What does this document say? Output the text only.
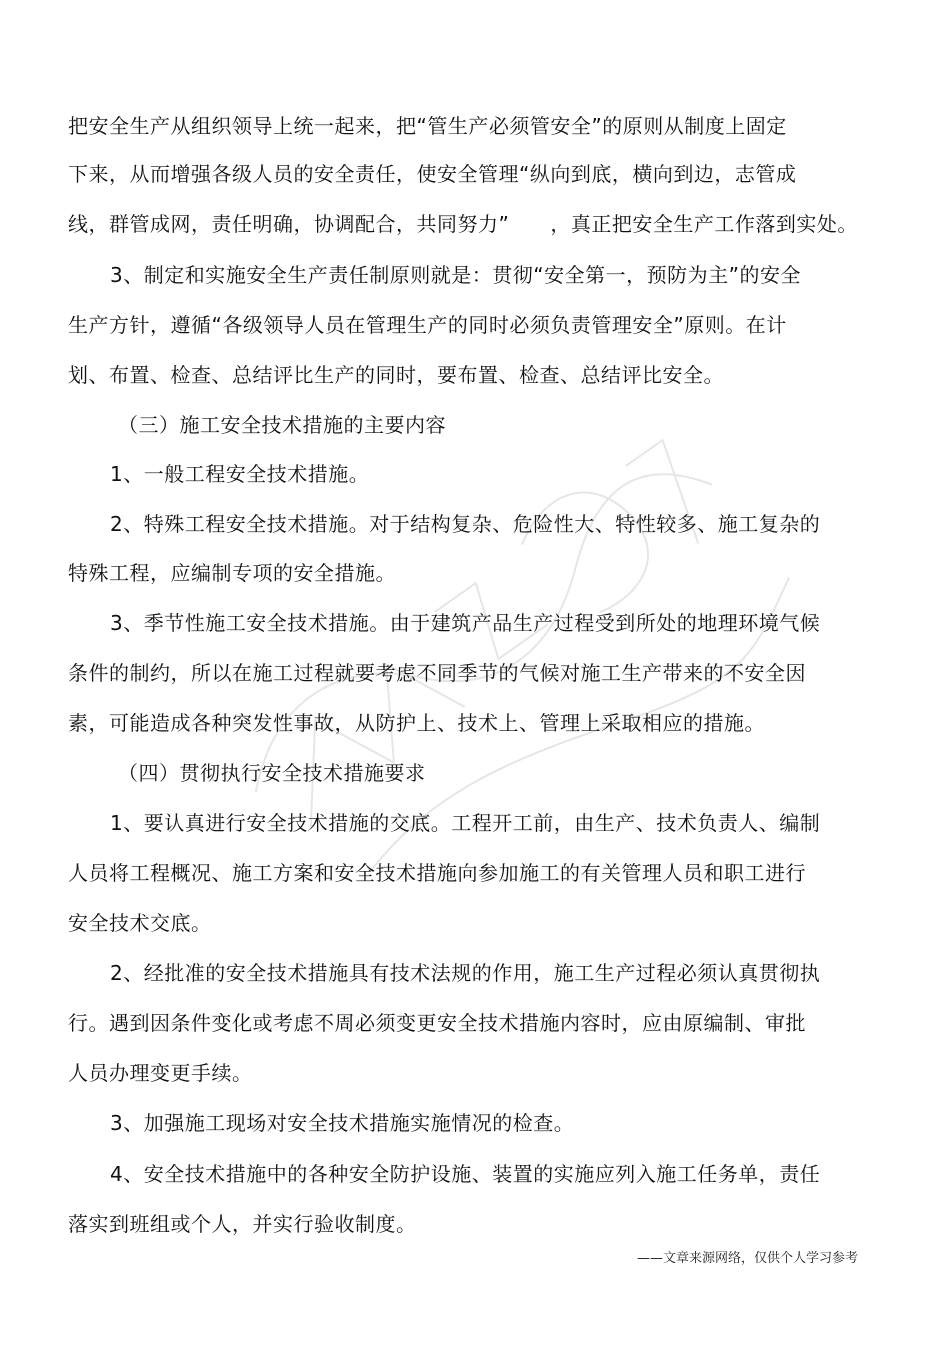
把安全生产从组织领导上统一起来，把“管生产必须管安全”的原则从制度上固定
下来，从而增强各级人员的安全责任，使安全管理“纵向到底，横向到边，志管成
线，群管成网，责任明确，协调配合，共同努力”　　，真正把安全生产工作落到实处。
3、制定和实施安全生产责任制原则就是：贯彻“安全第一，预防为主”的安全
生产方针，遵循“各级领导人员在管理生产的同时必须负责管理安全”原则。在计
划、布置、检查、总结评比生产的同时，要布置、检查、总结评比安全。
（三）施工安全技术措施的主要内容
1、一般工程安全技术措施。
2、特殊工程安全技术措施。对于结构复杂、危险性大、特性较多、施工复杂的
特殊工程，应编制专项的安全措施。
3、季节性施工安全技术措施。由于建筑产品生产过程受到所处的地理环境气候
条件的制约，所以在施工过程就要考虑不同季节的气候对施工生产带来的不安全因
素，可能造成各种突发性事故，从防护上、技术上、管理上采取相应的措施。
（四）贯彻执行安全技术措施要求
1、要认真进行安全技术措施的交底。工程开工前，由生产、技术负责人、编制
人员将工程概况、施工方案和安全技术措施向参加施工的有关管理人员和职工进行
安全技术交底。
2、经批准的安全技术措施具有技术法规的作用，施工生产过程必须认真贯彻执
行。遇到因条件变化或考虑不周必须变更安全技术措施内容时，应由原编制、审批
人员办理变更手续。
3、加强施工现场对安全技术措施实施情况的检查。
4、安全技术措施中的各种安全防护设施、装置的实施应列入施工任务单，责任
落实到班组或个人，并实行验收制度。
——文章来源网络，仅供个人学习参考
